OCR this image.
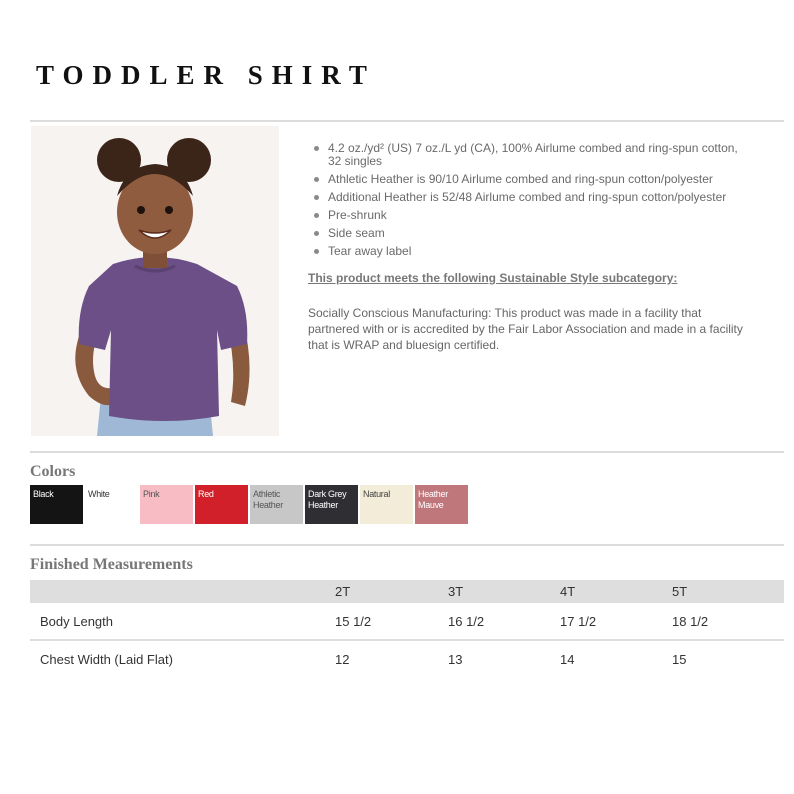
TODDLER SHIRT
4.2 oz./yd² (US) 7 oz./L yd (CA), 100% Airlume combed and ring-spun cotton, 32 singles
Athletic Heather is 90/10 Airlume combed and ring-spun cotton/polyester
Additional Heather is 52/48 Airlume combed and ring-spun cotton/polyester
Pre-shrunk
Side seam
Tear away label
This product meets the following Sustainable Style subcategory:
Socially Conscious Manufacturing: This product was made in a facility that partnered with or is accredited by the Fair Labor Association and made in a facility that is WRAP and bluesign certified.
Colors
Black	White	Pink	Red	Athletic Heather
Dark Grey Heather
Natural	Heather Mauve
Finished Measurements
	2T	3T	4T	5T
Body Length	15 1/2	16 1/2	17 1/2	18 1/2
Chest Width (Laid Flat)	12	13	14	15
